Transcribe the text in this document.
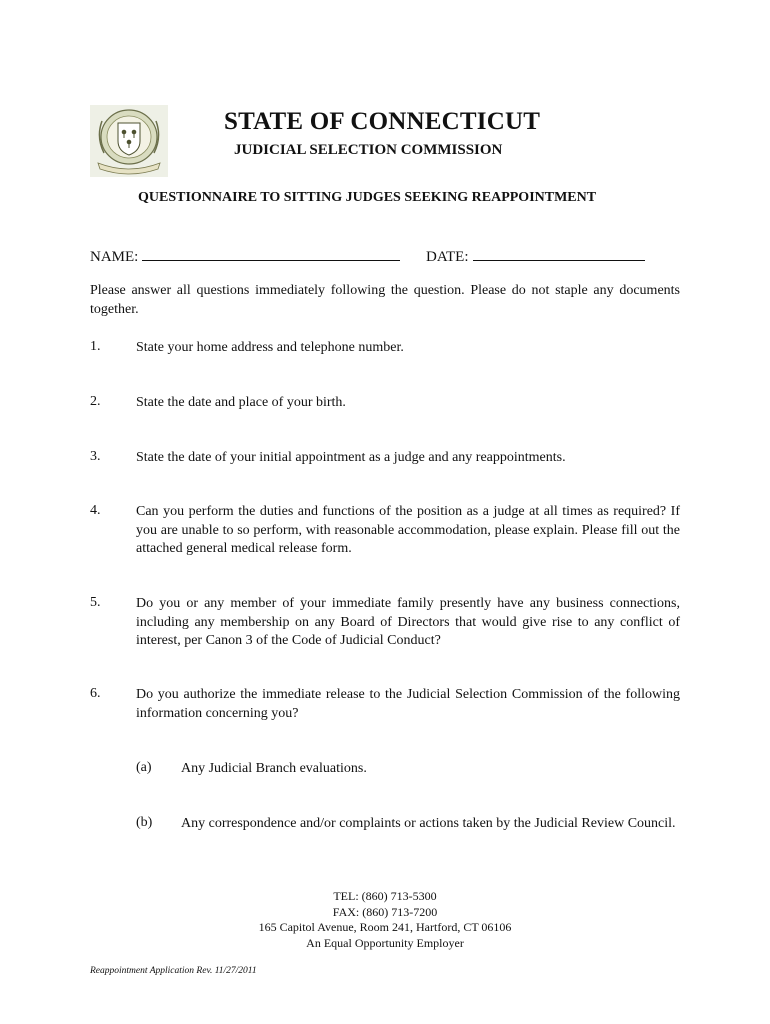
STATE OF CONNECTICUT
JUDICIAL SELECTION COMMISSION
QUESTIONNAIRE TO SITTING JUDGES SEEKING REAPPOINTMENT
NAME:	DATE:
Please answer all questions immediately following the question. Please do not staple any documents together.
1.	State your home address and telephone number.
2.	State the date and place of your birth.
3.	State the date of your initial appointment as a judge and any reappointments.
4.	Can you perform the duties and functions of the position as a judge at all times as required? If you are unable to so perform, with reasonable accommodation, please explain. Please fill out the attached general medical release form.
5.	Do you or any member of your immediate family presently have any business connections, including any membership on any Board of Directors that would give rise to any conflict of interest, per Canon 3 of the Code of Judicial Conduct?
6.	Do you authorize the immediate release to the Judicial Selection Commission of the following information concerning you?
(a) Any Judicial Branch evaluations.
(b) Any correspondence and/or complaints or actions taken by the Judicial Review Council.
TEL: (860) 713-5300
FAX: (860) 713-7200
165 Capitol Avenue, Room 241, Hartford, CT 06106
An Equal Opportunity Employer
Reappointment Application Rev. 11/27/2011
